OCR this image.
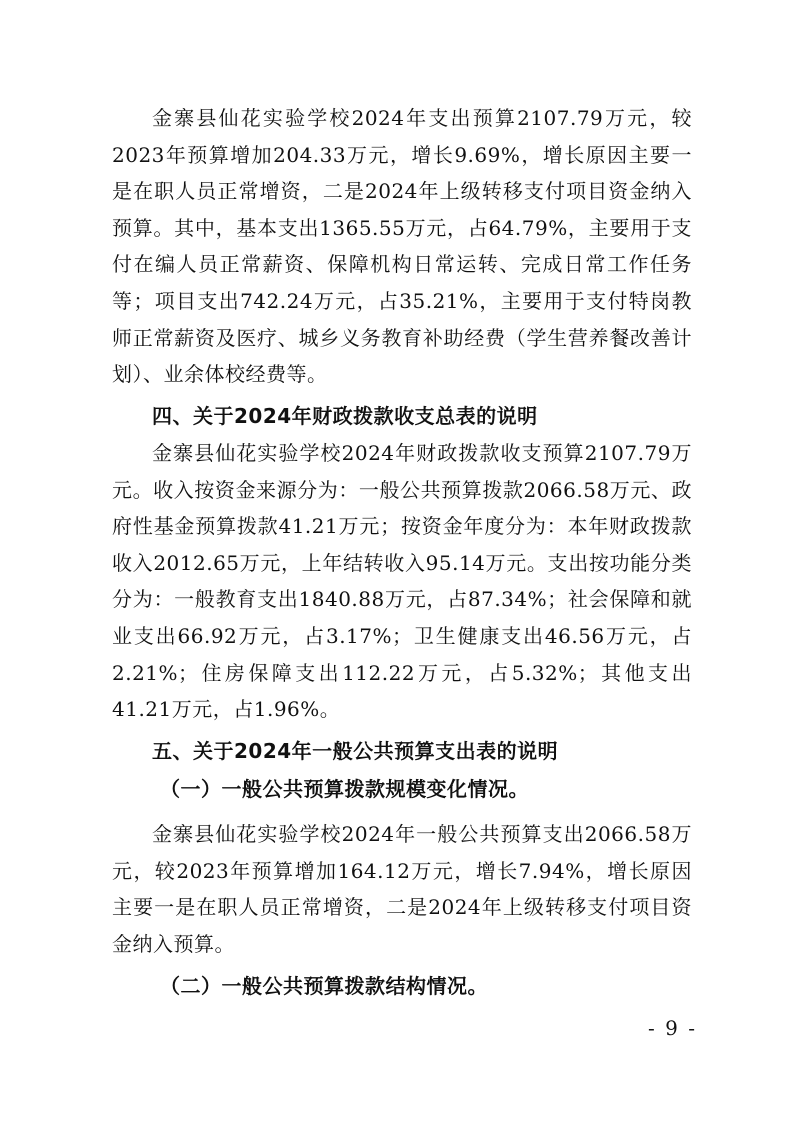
金寨县仙花实验学校2024年支出预算2107.79万元，较2023年预算增加204.33万元，增长9.69%，增长原因主要一是在职人员正常增资，二是2024年上级转移支付项目资金纳入预算。其中，基本支出1365.55万元，占64.79%，主要用于支付在编人员正常薪资、保障机构日常运转、完成日常工作任务等；项目支出742.24万元，占35.21%，主要用于支付特岗教师正常薪资及医疗、城乡义务教育补助经费（学生营养餐改善计划）、业余体校经费等。

四、关于2024年财政拨款收支总表的说明

金寨县仙花实验学校2024年财政拨款收支预算2107.79万元。收入按资金来源分为：一般公共预算拨款2066.58万元、政府性基金预算拨款41.21万元；按资金年度分为：本年财政拨款收入2012.65万元，上年结转收入95.14万元。支出按功能分类分为：一般教育支出1840.88万元，占87.34%；社会保障和就业支出66.92万元，占3.17%；卫生健康支出46.56万元，占2.21%；住房保障支出112.22万元，占5.32%；其他支出41.21万元，占1.96%。

五、关于2024年一般公共预算支出表的说明

（一）一般公共预算拨款规模变化情况。

金寨县仙花实验学校2024年一般公共预算支出2066.58万元，较2023年预算增加164.12万元，增长7.94%，增长原因主要一是在职人员正常增资，二是2024年上级转移支付项目资金纳入预算。

（二）一般公共预算拨款结构情况。

- 9 -
